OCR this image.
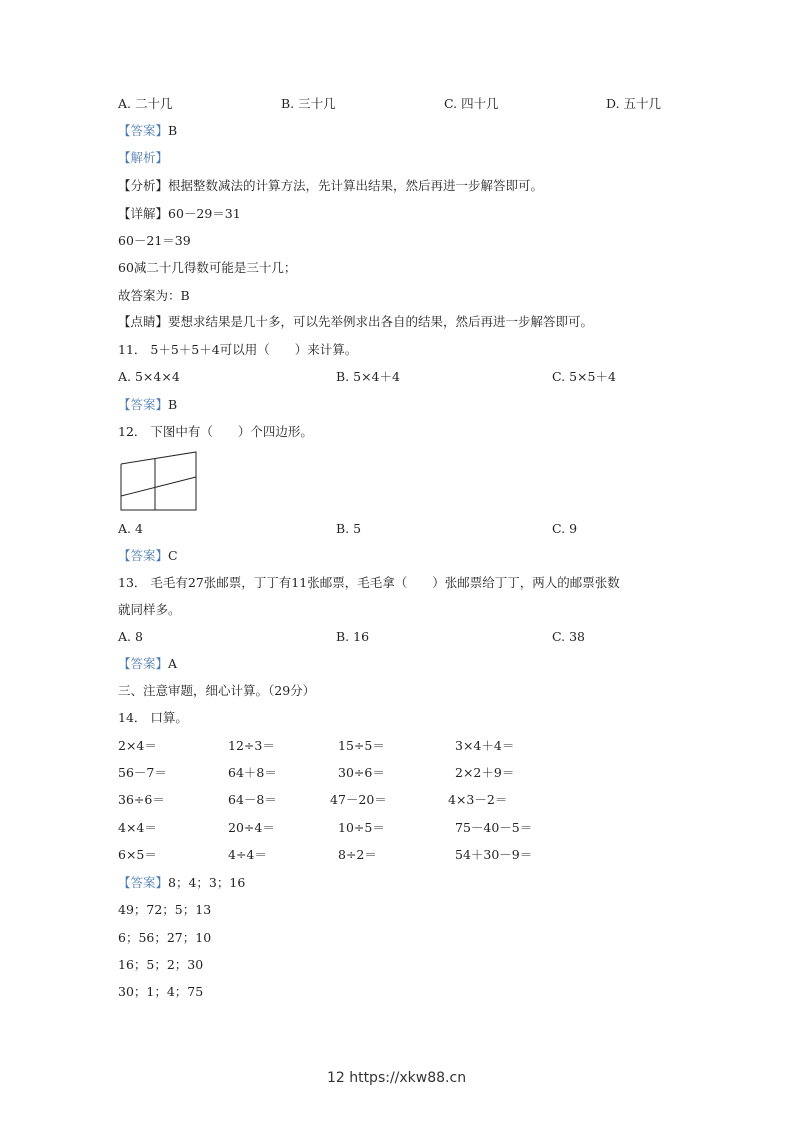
A. 二十几	B. 三十几	C. 四十几	D. 五十几
【答案】B
【解析】
【分析】根据整数减法的计算方法，先计算出结果，然后再进一步解答即可。
【详解】60－29＝31
60－21＝39
60减二十几得数可能是三十几；
故答案为：B
【点睛】要想求结果是几十多，可以先举例求出各自的结果，然后再进一步解答即可。
11． 5＋5＋5＋4可以用（　　）来计算。
A. 5×4×4	B. 5×4＋4	C. 5×5＋4
【答案】B
12． 下图中有（　　）个四边形。
A. 4	B. 5	C. 9
【答案】C
13． 毛毛有27张邮票，丁丁有11张邮票，毛毛拿（　　）张邮票给丁丁，两人的邮票张数
就同样多。
A. 8	B. 16	C. 38
【答案】A
三、注意审题，细心计算。（29分）
14． 口算。
2×4＝	12÷3＝	15÷5＝	3×4＋4＝
56－7＝	64＋8＝	30÷6＝	2×2＋9＝
36÷6＝	64－8＝	47－20＝	4×3－2＝
4×4＝	20÷4＝	10÷5＝	75－40－5＝
6×5＝	4÷4＝	8÷2＝	54＋30－9＝
【答案】8；4；3；16
49；72；5；13
6；56；27；10
16；5；2；30
30；1；4；75
12 https://xkw88.cn
